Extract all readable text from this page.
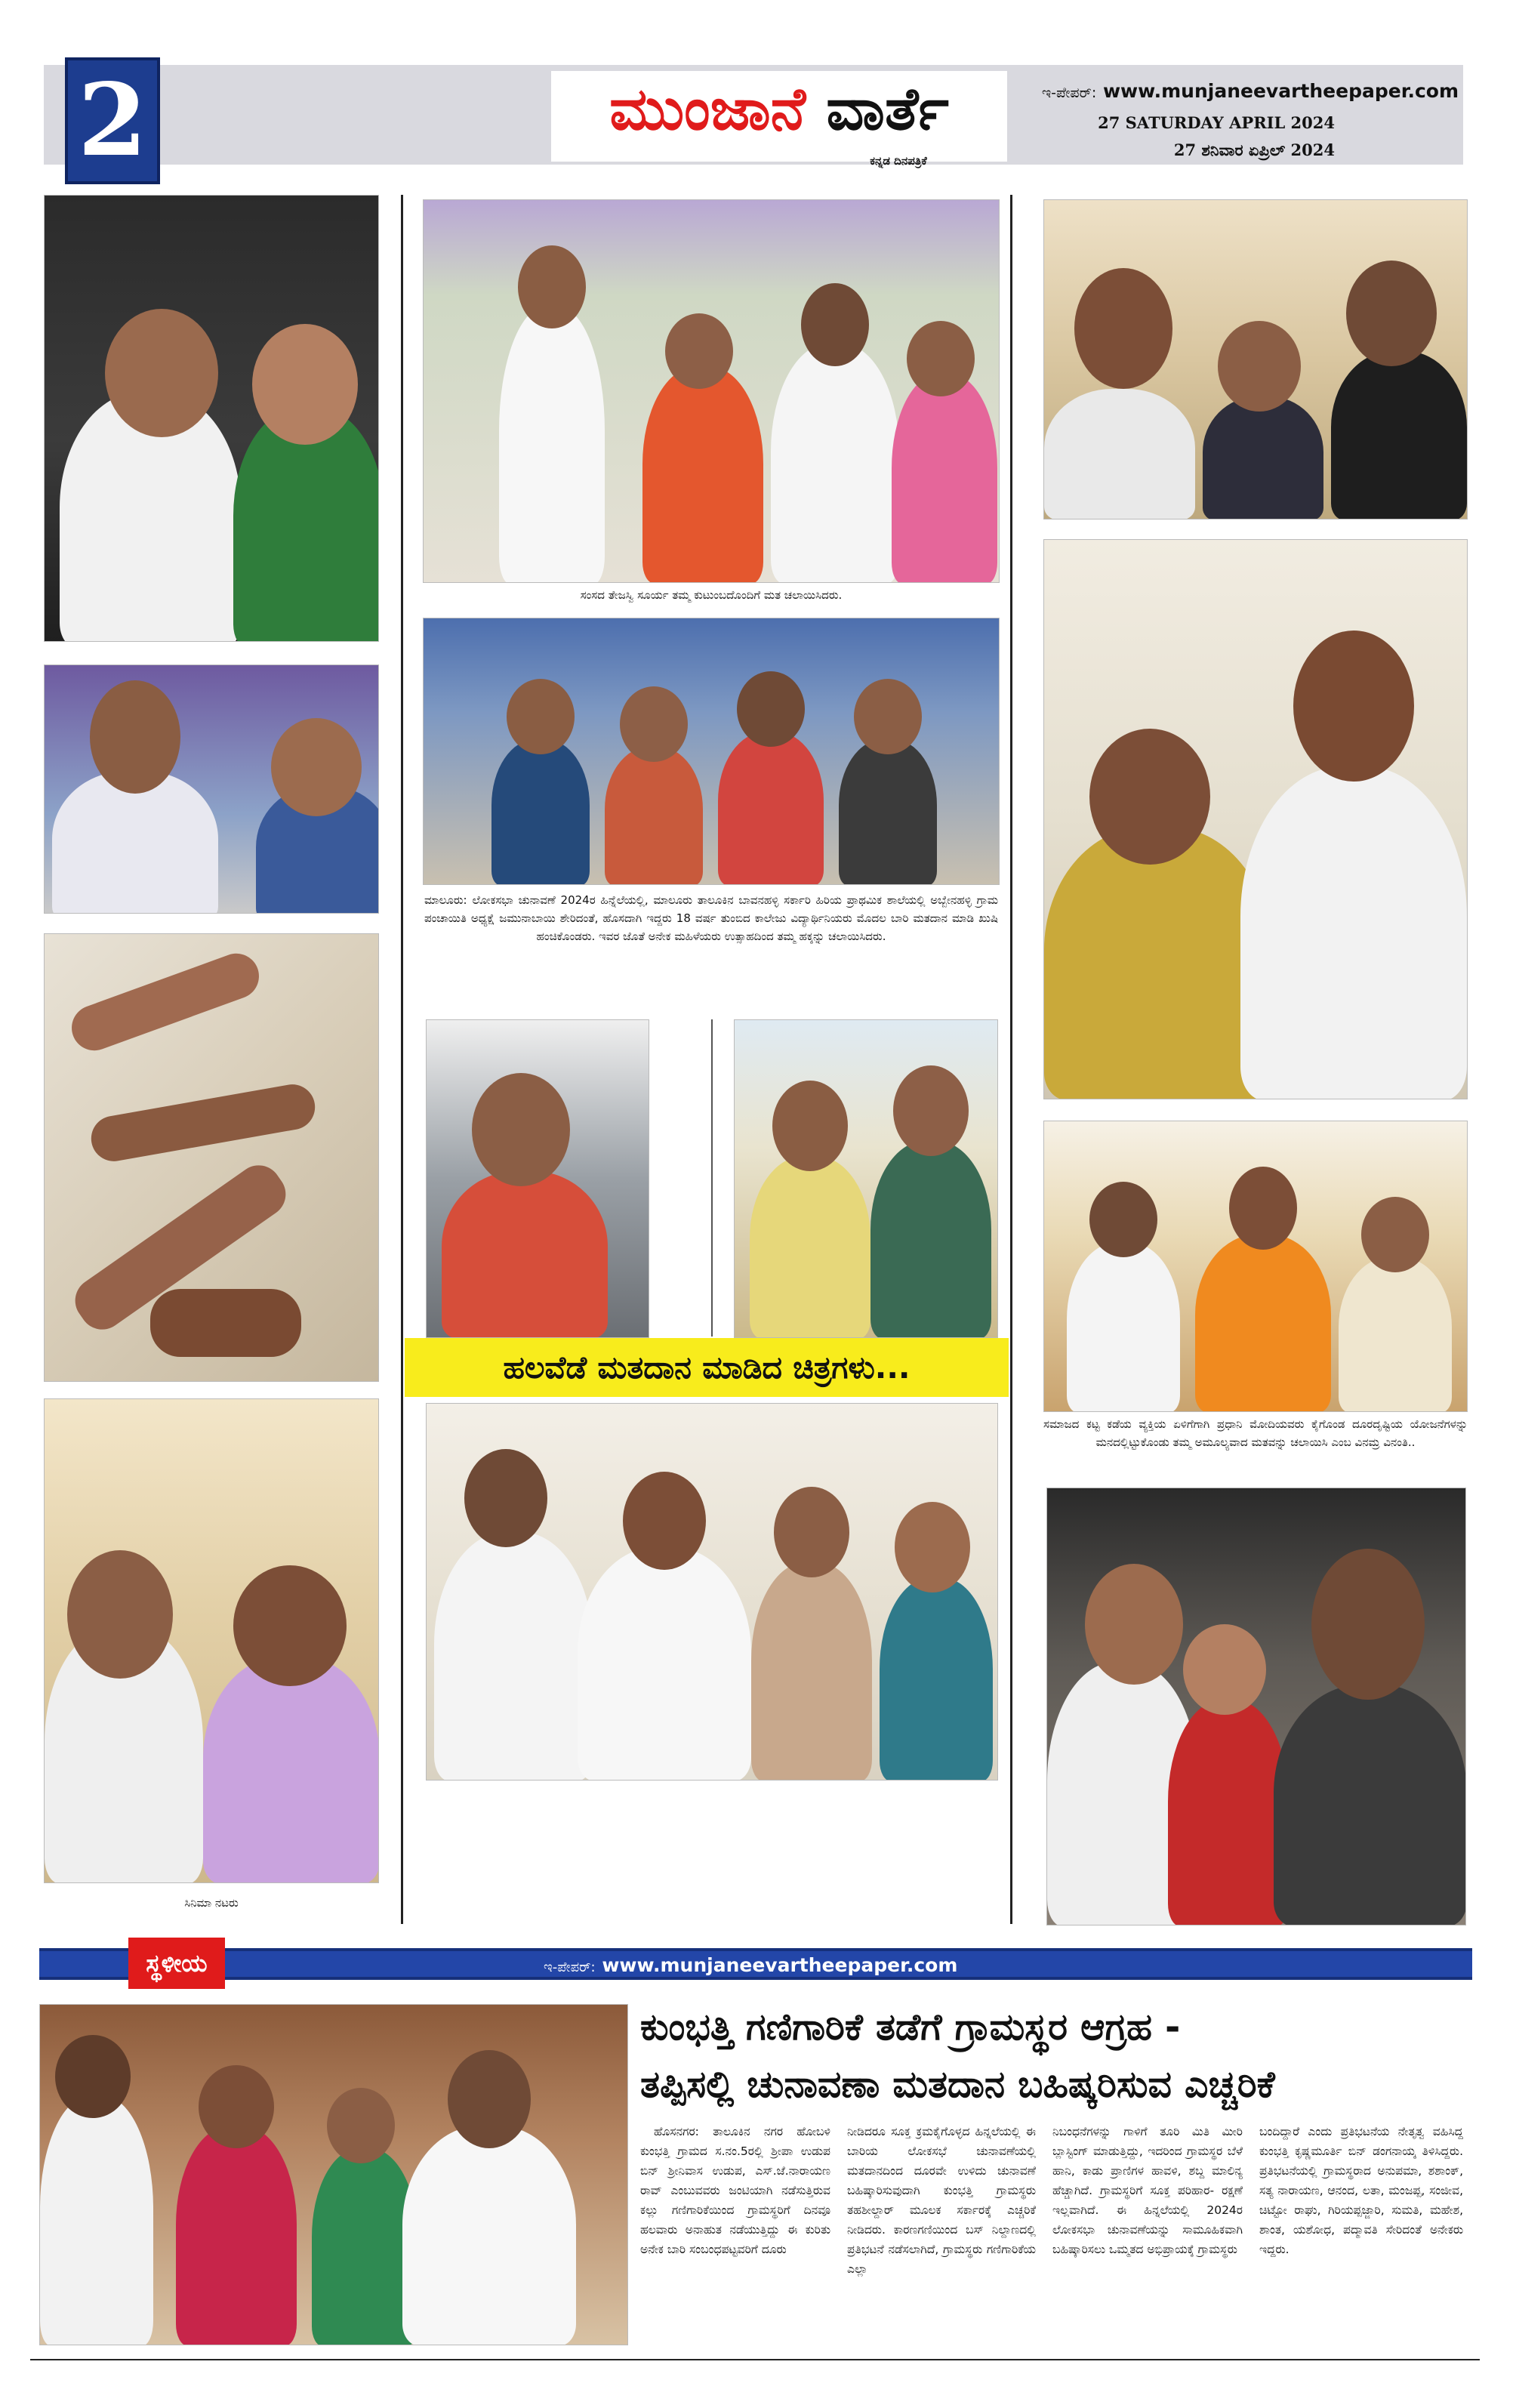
2	ಮುಂಜಾನೆ ವಾರ್ತೆ
ಕನ್ನಡ ದಿನಪತ್ರಿಕೆ
ಇ-ಪೇಪರ್: www.munjaneevartheepaper.com
27 SATURDAY APRIL 2024
27 ಶನಿವಾರ ಏಪ್ರಿಲ್ 2024
ಸಿನಿಮಾ ನಟರು
ಸಂಸದ ತೇಜಸ್ವಿ ಸೂರ್ಯ ತಮ್ಮ ಕುಟುಂಬದೊಂದಿಗೆ ಮತ ಚಲಾಯಿಸಿದರು.
ಮಾಲೂರು: ಲೋಕಸಭಾ ಚುನಾವಣೆ 2024ರ ಹಿನ್ನೆಲೆಯಲ್ಲಿ, ಮಾಲೂರು ತಾಲೂಕಿನ ಬಾವನಹಳ್ಳಿ ಸರ್ಕಾರಿ ಹಿರಿಯ ಪ್ರಾಥಮಿಕ ಶಾಲೆಯಲ್ಲಿ ಅಬ್ಬೇನಹಳ್ಳಿ ಗ್ರಾಮ ಪಂಚಾಯಿತಿ ಅಧ್ಯಕ್ಷೆ ಜಮುನಾಬಾಯಿ ಶೇರಿದಂತೆ, ಹೊಸದಾಗಿ ಇದ್ದರು 18 ವರ್ಷ ತುಂಬಿದ ಕಾಲೇಜು ವಿದ್ಯಾರ್ಥಿನಿಯರು ಮೊದಲ ಬಾರಿ ಮತದಾನ ಮಾಡಿ ಖುಷಿ ಹಂಚಿಕೊಂಡರು. ಇವರ ಜೊತೆ ಅನೇಕ ಮಹಿಳೆಯರು ಉತ್ಸಾಹದಿಂದ ತಮ್ಮ ಹಕ್ಕನ್ನು ಚಲಾಯಿಸಿದರು.
ಹಲವೆಡೆ ಮತದಾನ ಮಾಡಿದ ಚಿತ್ರಗಳು...
ಸಮಾಜದ ಕಟ್ಟ ಕಡೆಯ ವ್ಯಕ್ತಿಯ ಏಳಿಗೆಗಾಗಿ ಪ್ರಧಾನಿ ಮೋದಿಯವರು ಕೈಗೊಂಡ ದೂರದೃಷ್ಟಿಯ ಯೋಜನೆಗಳನ್ನು ಮನದಲ್ಲಿಟ್ಟುಕೊಂಡು ತಮ್ಮ ಅಮೂಲ್ಯವಾದ ಮತವನ್ನು ಚಲಾಯಿಸಿ ಎಂಬ ವಿನಮ್ರ ವಿನಂತಿ..
ಸ್ಥಳೀಯ	ಇ-ಪೇಪರ್: www.munjaneevartheepaper.com
ಕುಂಭತ್ತಿ ಗಣಿಗಾರಿಕೆ ತಡೆಗೆ ಗ್ರಾಮಸ್ಥರ ಆಗ್ರಹ -
ತಪ್ಪಿಸಲ್ಲಿ ಚುನಾವಣಾ ಮತದಾನ ಬಹಿಷ್ಕರಿಸುವ ಎಚ್ಚರಿಕೆ
ಹೊಸನಗರ: ತಾಲೂಕಿನ ನಗರ ಹೋಬಳಿ ಕುಂಭತ್ತಿ ಗ್ರಾಮದ ಸ.ನಂ.5ರಲ್ಲಿ ಶ್ರೀಪಾ ಉಡುಪ ಬಿನ್ ಶ್ರೀನಿವಾಸ ಉಡುಪ, ಎಸ್.ಜೆ.ನಾರಾಯಣ ರಾವ್ ಎಂಬುವವರು ಜಂಟಿಯಾಗಿ ನಡೆಸುತ್ತಿರುವ ಕಲ್ಲು ಗಣಿಗಾರಿಕೆಯಿಂದ ಗ್ರಾಮಸ್ಥರಿಗೆ ದಿನವೂ ಹಲವಾರು ಅನಾಹುತ ನಡೆಯುತ್ತಿದ್ದು ಈ ಕುರಿತು ಅನೇಕ ಬಾರಿ ಸಂಬಂಧಪಟ್ಟವರಿಗೆ ದೂರು
ನೀಡಿದರೂ ಸೂಕ್ತ ಕ್ರಮಕೈಗೊಳ್ಳದ ಹಿನ್ನಲೆಯಲ್ಲಿ ಈ ಬಾರಿಯ ಲೋಕಸಭೆ ಚುನಾವಣೆಯಲ್ಲಿ ಮತದಾನದಿಂದ ದೂರವೇ ಉಳಿದು ಚುನಾವಣೆ ಬಹಿಷ್ಕಾರಿಸುವುದಾಗಿ ಕುಂಭತ್ತಿ ಗ್ರಾಮಸ್ಥರು ತಹಶೀಲ್ದಾರ್ ಮೂಲಕ ಸರ್ಕಾರಕ್ಕೆ ಎಚ್ಚರಿಕೆ ನೀಡಿದರು. ಕಾರಣಗಣಿಯಿಂದ ಬಸ್ ನಿಲ್ದಾಣದಲ್ಲಿ ಪ್ರತಿಭಟನೆ ನಡೆಸಲಾಗಿದೆ, ಗ್ರಾಮಸ್ಥರು ಗಣಿಗಾರಿಕೆಯ ಎಲ್ಲಾ
ನಿಬಂಧನೆಗಳನ್ನು ಗಾಳಿಗೆ ತೂರಿ ಮಿತಿ ಮೀರಿ ಬ್ಲಾಸ್ಟಿಂಗ್ ಮಾಡುತ್ತಿದ್ದು, ಇದರಿಂದ ಗ್ರಾಮಸ್ಥರ ಬೆಳೆ ಹಾನಿ, ಕಾಡು ಪ್ರಾಣಿಗಳ ಹಾವಳಿ, ಶಬ್ದ ಮಾಲಿನ್ಯ ಹೆಚ್ಚಾಗಿದೆ. ಗ್ರಾಮಸ್ಥರಿಗೆ ಸೂಕ್ತ ಪರಿಹಾರ- ರಕ್ಷಣೆ ಇಲ್ಲವಾಗಿದೆ. ಈ ಹಿನ್ನಲೆಯಲ್ಲಿ 2024ರ ಲೋಕಸಭಾ ಚುನಾವಣೆಯನ್ನು ಸಾಮೂಹಿಕವಾಗಿ ಬಹಿಷ್ಕಾರಿಸಲು ಒಮ್ಮತದ ಅಭಿಪ್ರಾಯಕ್ಕೆ ಗ್ರಾಮಸ್ಥರು
ಬಂದಿದ್ದಾರೆ ಎಂದು ಪ್ರತಿಭಟನೆಯ ನೇತೃತ್ವ ವಹಿಸಿದ್ದ ಕುಂಭತ್ತಿ ಕೃಷ್ಣಮೂರ್ತಿ ಬಿನ್ ಡಂಗನಾಯ್ಕ ತಿಳಿಸಿದ್ದರು. ಪ್ರತಿಭಟನೆಯಲ್ಲಿ ಗ್ರಾಮಸ್ಥರಾದ ಅನುಪಮಾ, ಶಶಾಂಕ್, ಸತ್ಯ ನಾರಾಯಣ, ಆನಂದ, ಲತಾ, ಮಂಜಪ್ಪ, ಸಂಜೀವ, ಚಿಟ್ಟೋ ರಾಘು, ಗಿರಿಯಪ್ಪಜ್ಜಾರಿ, ಸುಮತಿ, ಮಹೇಶ, ಶಾಂತ, ಯಶೋಧ, ಪದ್ಮಾವತಿ ಸೇರಿದಂತೆ ಅನೇಕರು ಇದ್ದರು.
